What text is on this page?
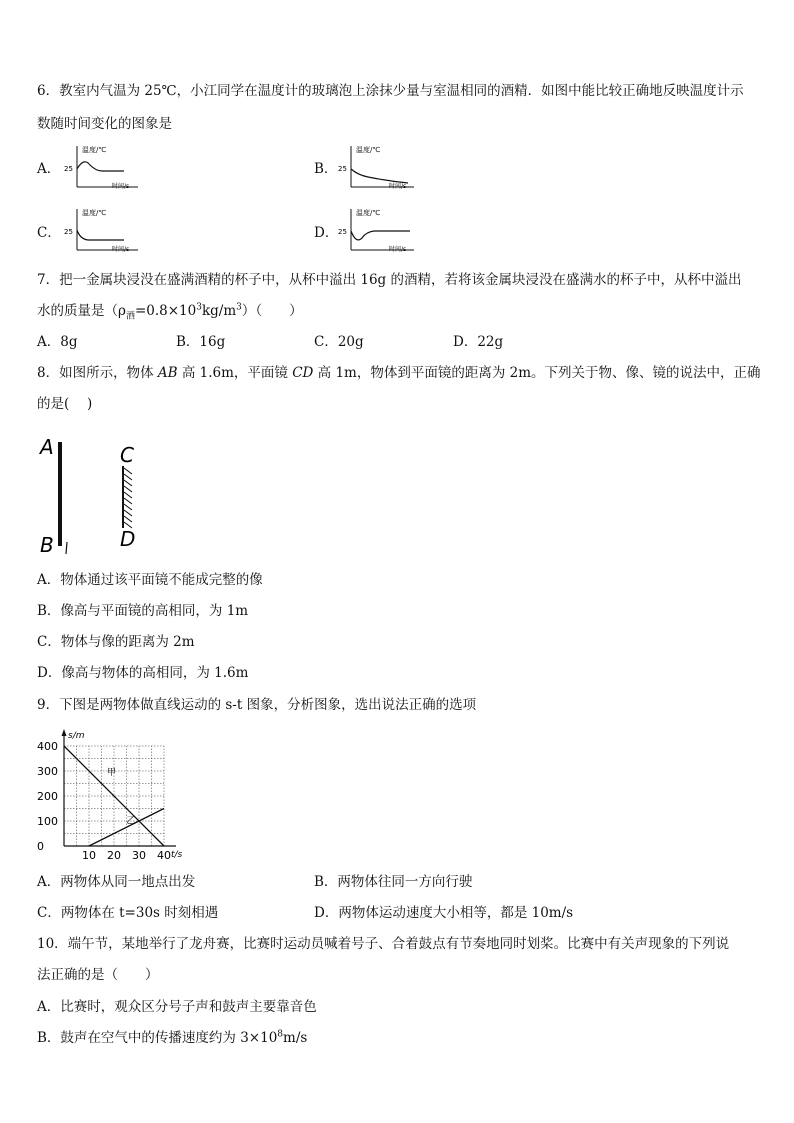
6．教室内气温为 25℃，小江同学在温度计的玻璃泡上涂抹少量与室温相同的酒精．如图中能比较正确地反映温度计示
数随时间变化的图象是
A．
温度/℃
25
时间/s
B．
温度/℃
25
时间/s
C．
温度/℃
25
时间/s
D．
温度/℃
25
时间/s
7．把一金属块浸没在盛满酒精的杯子中，从杯中溢出 16g 的酒精，若将该金属块浸没在盛满水的杯子中，从杯中溢出
水的质量是$(\rho_酒=0.8\times 10^3kg/m^3)$（　　）
A．8g	B．16g	C．20g	D．22g
8．如图所示，物体 AB 高 1.6m，平面镜 CD 高 1m，物体到平面镜的距离为 2m。下列关于物、像、镜的说法中，正确
的是(　 )
A
B
C
D
A．物体通过该平面镜不能成完整的像
B．像高与平面镜的高相同，为 1m
C．物体与像的距离为 2m
D．像高与物体的高相同，为 1.6m
9．下图是两物体做直线运动的 s-t 图象，分析图象，选出说法正确的选项
s/m
t/s
0
100
200
300
400
10 20 30 40
甲
乙
A．两物体从同一地点出发	B．两物体往同一方向行驶
C．两物体在 t=30s 时刻相遇	D．两物体运动速度大小相等，都是 10m/s
10．端午节，某地举行了龙舟赛，比赛时运动员喊着号子、合着鼓点有节奏地同时划桨。比赛中有关声现象的下列说
法正确的是（　　）
A．比赛时，观众区分号子声和鼓声主要靠音色
B．鼓声在空气中的传播速度约为 $3\times 10^8m/s$
